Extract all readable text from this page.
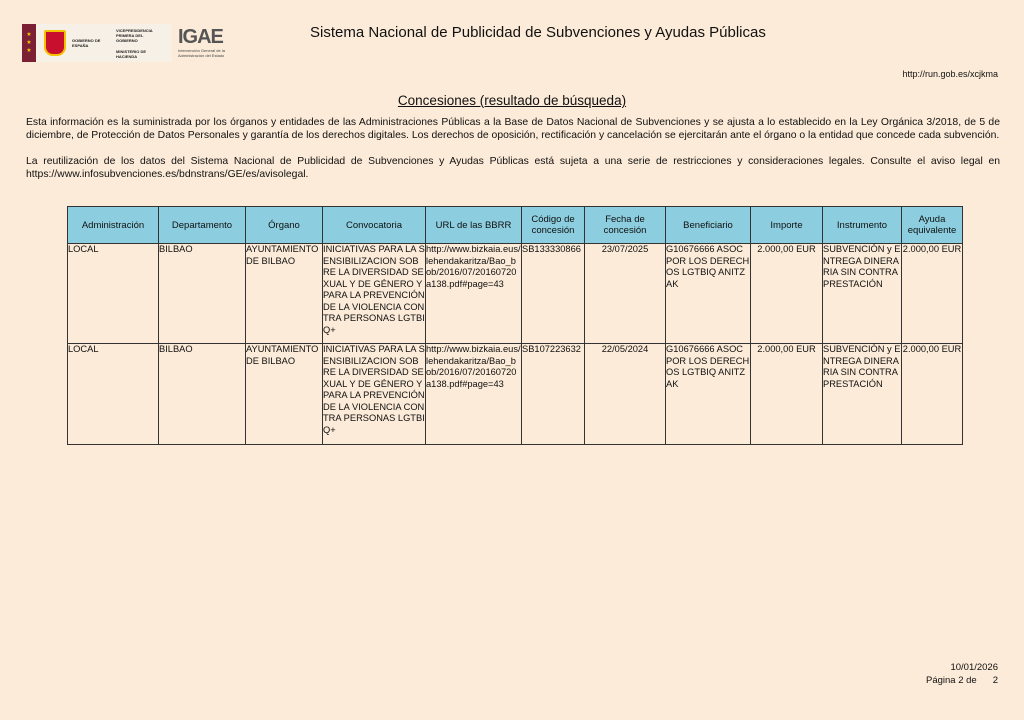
★
★
★
GOBIERNO DE ESPAÑA
VICEPRESIDENCIA PRIMERA DEL GOBIERNO
MINISTERIO DE HACIENDA
IGAE
Intervención General de la Administración del Estado
Sistema Nacional de Publicidad de Subvenciones y Ayudas Públicas
http://run.gob.es/xcjkma
Concesiones (resultado de búsqueda)
Esta información es la suministrada por los órganos y entidades de las Administraciones Públicas a la Base de Datos Nacional de Subvenciones y se ajusta a lo establecido en la Ley Orgánica 3/2018, de 5 de diciembre, de Protección de Datos Personales y garantía de los derechos digitales. Los derechos de oposición, rectificación y cancelación se ejercitarán ante el órgano o la entidad que concede cada subvención.
La reutilización de los datos del Sistema Nacional de Publicidad de Subvenciones y Ayudas Públicas está sujeta a una serie de restricciones y consideraciones legales. Consulte el aviso legal en https://www.infosubvenciones.es/bdnstrans/GE/es/avisolegal.
Administración	Departamento	Órgano	Convocatoria	URL de las BBRR	Código de concesión	Fecha de concesión	Beneficiario	Importe	Instrumento	Ayuda equivalente
LOCAL	BILBAO	AYUNTAMIENTO DE BILBAO	INICIATIVAS PARA LA SENSIBILIZACION SOBRE LA DIVERSIDAD SEXUAL Y DE GÉNERO Y PARA LA PREVENCIÓN DE LA VIOLENCIA CONTRA PERSONAS LGTBIQ+	http://www.bizkaia.eus/lehendakaritza/Bao_bob/2016/07/20160720a138.pdf#page=43	SB133330866	23/07/2025	G10676666 ASOC POR LOS DERECHOS LGTBIQ ANITZAK	2.000,00 EUR	SUBVENCIÓN y ENTREGA DINERARIA SIN CONTRAPRESTACIÓN	2.000,00 EUR
LOCAL	BILBAO	AYUNTAMIENTO DE BILBAO	INICIATIVAS PARA LA SENSIBILIZACION SOBRE LA DIVERSIDAD SEXUAL Y DE GÉNERO Y PARA LA PREVENCIÓN DE LA VIOLENCIA CONTRA PERSONAS LGTBIQ+	http://www.bizkaia.eus/lehendakaritza/Bao_bob/2016/07/20160720a138.pdf#page=43	SB107223632	22/05/2024	G10676666 ASOC POR LOS DERECHOS LGTBIQ ANITZAK	2.000,00 EUR	SUBVENCIÓN y ENTREGA DINERARIA SIN CONTRAPRESTACIÓN	2.000,00 EUR
10/01/2026
Página 2 de 2
